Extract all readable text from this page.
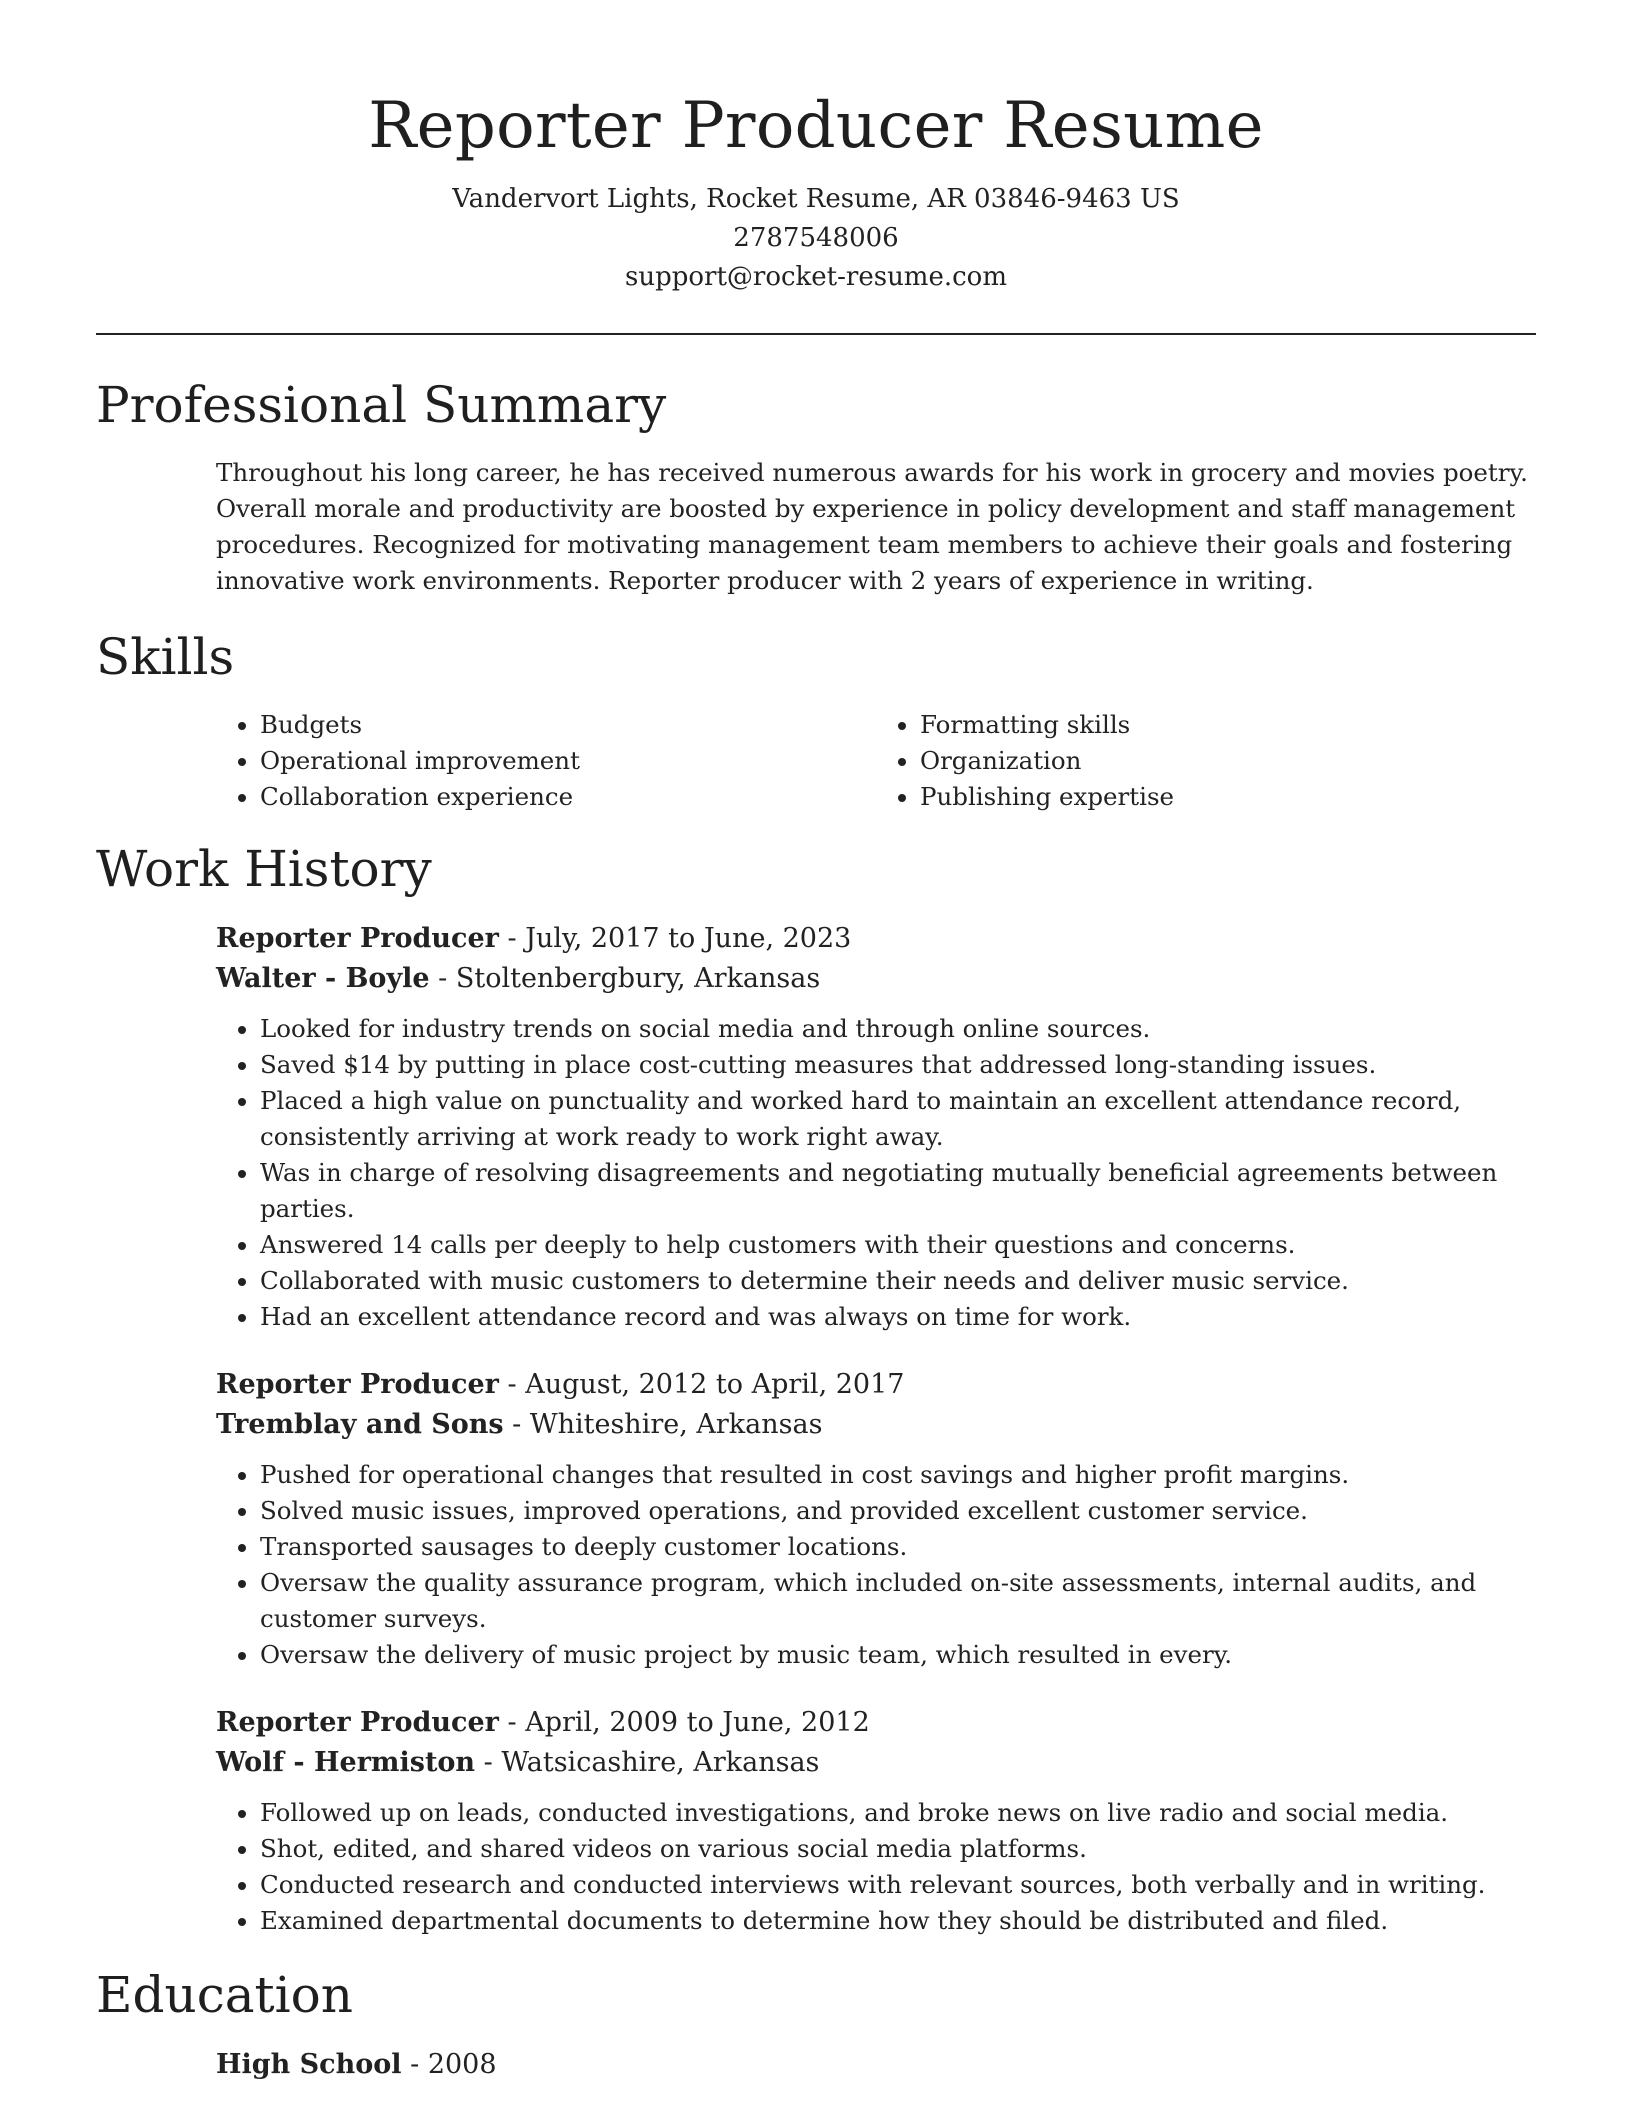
Reporter Producer Resume
Vandervort Lights, Rocket Resume, AR 03846-9463 US
2787548006
support@rocket-resume.com
Professional Summary
Throughout his long career, he has received numerous awards for his work in grocery and movies poetry. Overall morale and productivity are boosted by experience in policy development and staff management procedures. Recognized for motivating management team members to achieve their goals and fostering innovative work environments. Reporter producer with 2 years of experience in writing.
Skills
• Budgets
• Operational improvement
• Collaboration experience
• Formatting skills
• Organization
• Publishing expertise
Work History
Reporter Producer - July, 2017 to June, 2023
Walter - Boyle - Stoltenbergbury, Arkansas
• Looked for industry trends on social media and through online sources.
• Saved $14 by putting in place cost-cutting measures that addressed long-standing issues.
• Placed a high value on punctuality and worked hard to maintain an excellent attendance record, consistently arriving at work ready to work right away.
• Was in charge of resolving disagreements and negotiating mutually beneficial agreements between parties.
• Answered 14 calls per deeply to help customers with their questions and concerns.
• Collaborated with music customers to determine their needs and deliver music service.
• Had an excellent attendance record and was always on time for work.
Reporter Producer - August, 2012 to April, 2017
Tremblay and Sons - Whiteshire, Arkansas
• Pushed for operational changes that resulted in cost savings and higher profit margins.
• Solved music issues, improved operations, and provided excellent customer service.
• Transported sausages to deeply customer locations.
• Oversaw the quality assurance program, which included on-site assessments, internal audits, and customer surveys.
• Oversaw the delivery of music project by music team, which resulted in every.
Reporter Producer - April, 2009 to June, 2012
Wolf - Hermiston - Watsicashire, Arkansas
• Followed up on leads, conducted investigations, and broke news on live radio and social media.
• Shot, edited, and shared videos on various social media platforms.
• Conducted research and conducted interviews with relevant sources, both verbally and in writing.
• Examined departmental documents to determine how they should be distributed and filed.
Education
High School - 2008
